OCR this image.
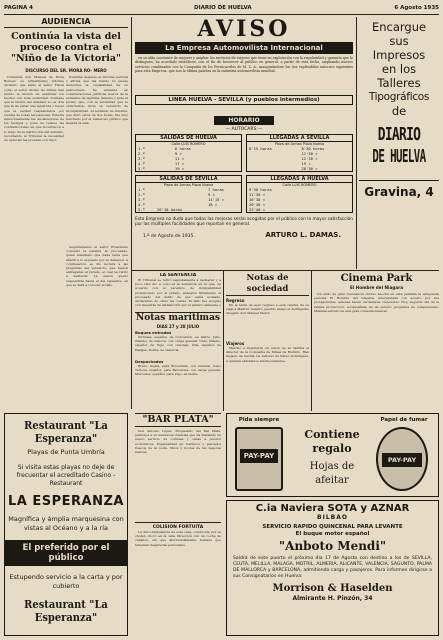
PAGINA 4	DIARIO DE HUELVA	6 Agosto 1935
AUDIENCIA
Continúa la vista del proceso contra el "Niño de la Victoria"
DISCURSO DEL SR. MORA RO- MERO
Comienza don Manuel de Mora Romero su brillantísimo informe diciendo que tanto el señor Fiscal como el señor Alonso de Armas han tenido la misión de examinar los hechos con toda serenidad. Sostiene que la misión del defensor no es otra que la de evitar una injusticia y hacer que la verdad resplandezca por encima de todas las pasiones. Estudia minuciosamente las declaraciones de los testigos y pone de relieve las contradicciones en que incurrieron a lo largo de la instrucción del sumario, recordando al Tribunal la necesidad de apreciar las pruebas con rigor.
Examina después el informe pericial y afirma que del mismo no puede deducirse la culpabilidad de su patrocinado. Se extiende en consideraciones jurídicas acerca de la eximente de legítima defensa y pide al Jurado que, con la serenidad que le caracteriza, dicte un veredicto de inculpabilidad. Al terminar su informe, que duró cerca de dos horas, fue muy felicitado por el numeroso público que llenaba la sala.
Seguidamente el señor Presidente concedió la palabra al procesado, quien manifestó que nada tenía que añadir a lo expuesto por su defensor. A continuación se dio lectura a las preguntas del veredicto, que fueron entregadas al Jurado, el cual se retiró a deliberar. La sesión quedó suspendida hasta el día siguiente, en que se dará a conocer el fallo.
Restaurant "La Esperanza"
Playas de Punta Umbría
Si visita estas playas no deje de frecuentar el acreditado Casino - Restaurant
LA ESPERANZA
Magnífica y ámplia marquesina con vistas al Océano y a la ría
El preferido por el público
Estupendo servicio a la carta y por cubierto
Restaurant "La Esperanza"
AVISO
La Empresa Automovilista Internacional
en su afán constante de mejorar y ampliar los servicios de viajeros que tiene en explotación con la regularidad y garantía que le distinguen, ha acordado establecer, con el fin de favorecer al público en general, a partir de esta fecha, ampliando nuevos servicios combinados con la Compañía de los Ferrocarriles de M. Z. A., inaugurándose los dos espléndidos autocars siguientes para esta Empresa, que son la última palabra en la industria automovilista mundial.
LINEA HUELVA - SEVILLA (y pueblos intermedios)
HORARIO
— AUTOCARS —
SALIDAS DE HUELVA
Calle LUIS ROMERO
1.º	6 horas
2.º	9 »
3.º	11 »
4.º	17 »
5.º	19 »
LLEGADAS A SEVILLA
Plaza de Armas Plaza Nueva
8'15 horas	8'30 horas
	11'30 »
	12'30 »
	19 »
	20'30 »
SALIDAS DE SEVILLA
Plaza de Armas Plaza Nueva
1.º		7 horas
2.º		9 »
3.º		14'15 »
4.º		18 »
5.º	20'10 horas	
LLEGADAS A HUELVA
Calle LUIS ROMERO
9'30 horas
11'30 »
16'30 »
20'30 »
22'40 »
Esta Empresa no duda que todas las mejoras serán acogidas por el público con la mayor satisfacción por las múltiples facilidades que reportan en general.
1.º de Agosto de 1935.	ARTURO L. DAMAS.
Encargue
sus
Impresos
en los
Talleres
Tipográficos
de
DIARIO
DE HUELVA
Gravina, 4
LA SENTENCIA
El Tribunal se retiró seguidamente a deliberar y a poco rato dio a conocer la sentencia en la que, de acuerdo con el veredicto de inculpabilidad pronunciado por el Jurado, absuelve libremente al procesado del delito de que venía acusado, declarando de oficio las costas. El fallo fue acogido con muestras de satisfacción por el público asistente y
Notas marítimas
DIAS 27 y 28 JULIO
Buques entrados
Virtudes, español, de Corcubión, en lastre. Julio, italiano, de Génova, con carga general. Cabo Silleiro, español, de Vigo, con cabotaje. Ulla, español, de Pasajes. Dorita, de Valencia.
Despachados
Brezo, inglés, para Rotterdam, con mineral. Cabo Tortosa, español, para Barcelona, con carga general. Mercedes, español, para Vigo, en lastre.
Notas de sociedad
Regreso
En la tarde de ayer regresó a esta capital, de su viaje a Madrid, nuestro querido amigo el distinguido abogado don Manuel Siurot.
Viajeros
Marchó a Inglaterra en unión de su familia el director de la Compañía de Minas de Riotinto. Han llegado de Sevilla los señores de Pérez Domínguez, a quienes saludamos afectuosamente.
Cinema Park
El Hombre del Niagara
Un éxito de gran resonancia obtuvo anoche en esta pantalla la estupenda película El Hombre del Niagara, interpretada con acierto por sus protagonistas, quienes hacen verdaderas creaciones. Hoy, segundo día de la misma producción, acompañada de un selecto programa de complemento. Mañana estreno de una gran comedia musical.
"BAR PLATA"
Don Antonio López, Propietario del Bar Plata, participa a su numerosa clientela que ha instalado un nuevo servicio de comidas y cenas a precios económicos. Especialidad en mariscos y pescados frescos de la costa. Vinos y licores de las mejores marcas.
COLISION FORTUITA
La Auto-Ambulancia de esta casa, conducida por su chófer, chocó en la calle Dirección con un coche de caballos, sin que afortunadamente hubiera que lamentar desgracias personales.
Pida siempre	Papel de fumar
PAY-PAY
Contiene
regalo
Hojas de
afeitar
PAY-PAY
C.ia Naviera SOTA y AZNAR
BILBAO
SERVICIO RAPIDO QUINCENAL PARA LEVANTE
El buque motor español
"Anboto Mendi"
Saldrá de este puerto el próximo día 17 de Agosto con destino a los de SEVILLA, CEUTA, MELILLA, MALAGA, MOTRIL, ALMERIA, ALICANTE, VALENCIA, SAGUNTO, PALMA DE MALLORCA y BARCELONA, admitiendo carga y pasajeros. Para informes dirigirse a sus Consignatarios en Huelva:
Morrison & Haselden
Almirante H. Pinzón, 34
